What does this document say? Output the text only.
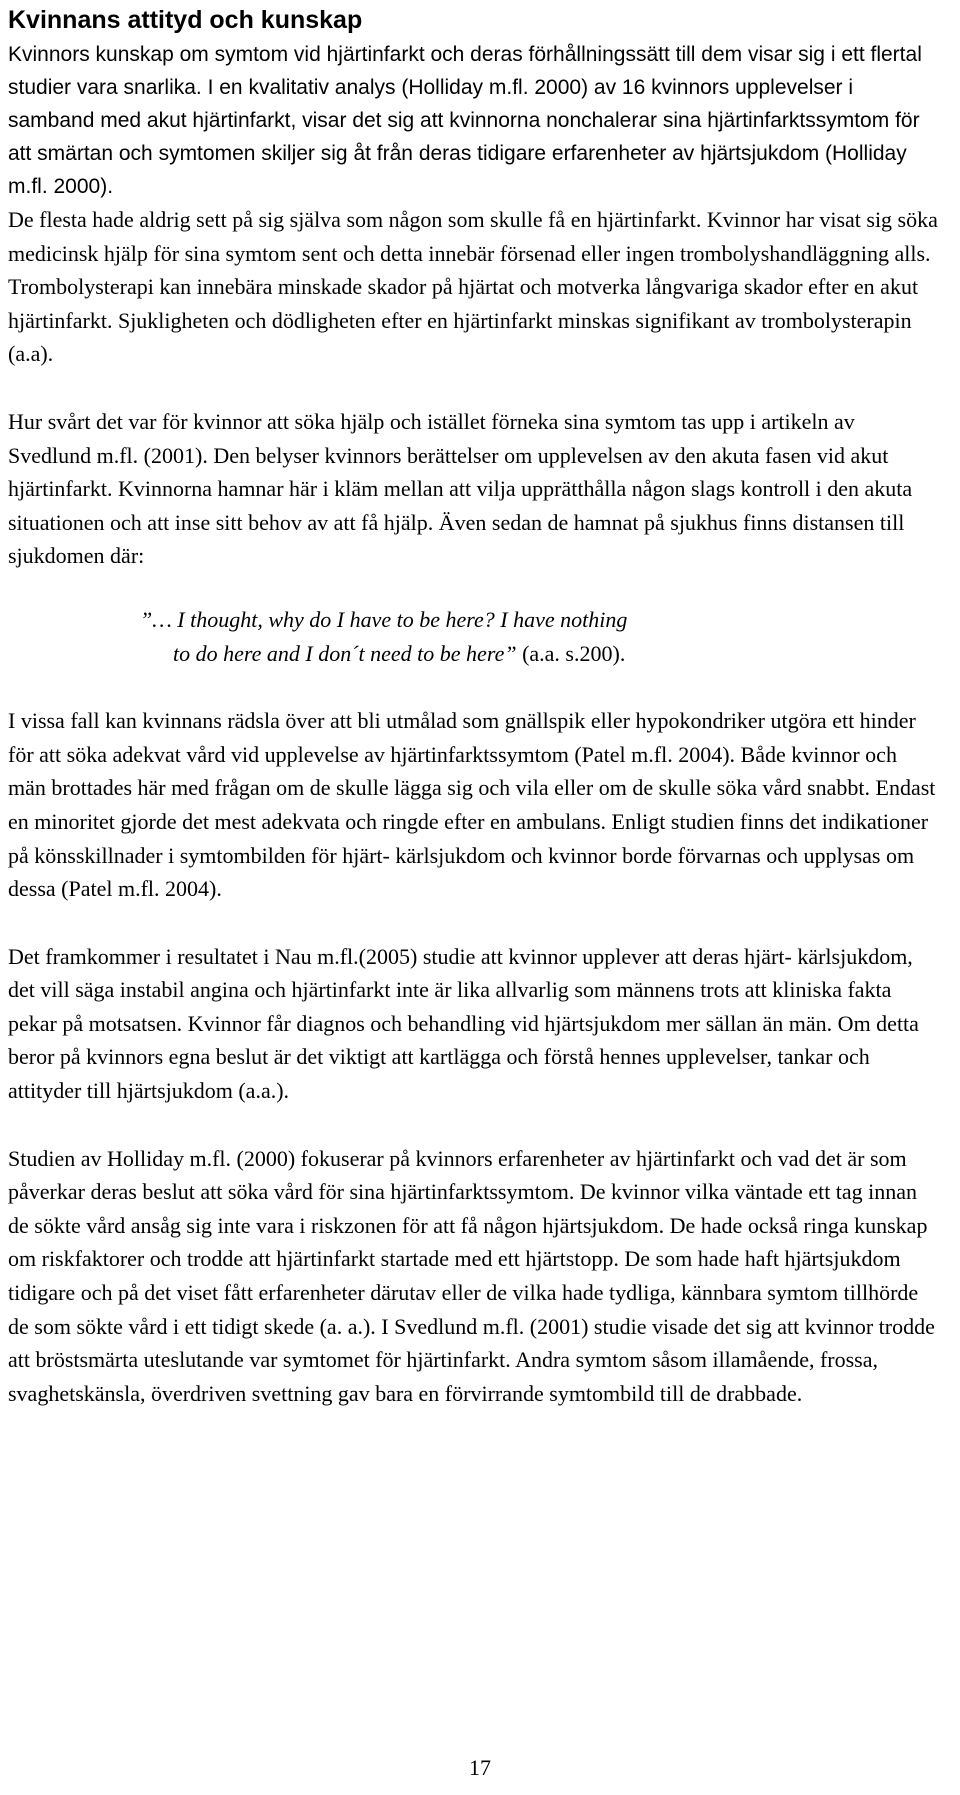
Kvinnans attityd och kunskap

Kvinnors kunskap om symtom vid hjärtinfarkt och deras förhållningssätt till dem visar sig i ett flertal studier vara snarlika. I en kvalitativ analys (Holliday m.fl. 2000) av 16 kvinnors upplevelser i samband med akut hjärtinfarkt, visar det sig att kvinnorna nonchalerar sina hjärtinfarktssymtom för att smärtan och symtomen skiljer sig åt från deras tidigare erfarenheter av hjärtsjukdom (Holliday m.fl. 2000).

De flesta hade aldrig sett på sig själva som någon som skulle få en hjärtinfarkt. Kvinnor har visat sig söka medicinsk hjälp för sina symtom sent och detta innebär försenad eller ingen trombolyshandläggning alls. Trombolysterapi kan innebära minskade skador på hjärtat och motverka långvariga skador efter en akut hjärtinfarkt. Sjukligheten och dödligheten efter en hjärtinfarkt minskas signifikant av trombolysterapin (a.a).

Hur svårt det var för kvinnor att söka hjälp och istället förneka sina symtom tas upp i artikeln av Svedlund m.fl. (2001). Den belyser kvinnors berättelser om upplevelsen av den akuta fasen vid akut hjärtinfarkt. Kvinnorna hamnar här i kläm mellan att vilja upprätthålla någon slags kontroll i den akuta situationen och att inse sitt behov av att få hjälp. Även sedan de hamnat på sjukhus finns distansen till sjukdomen där:

”… I thought, why do I have to be here? I have nothing
to do here and I don´t need to be here” (a.a. s.200).

I vissa fall kan kvinnans rädsla över att bli utmålad som gnällspik eller hypokondriker utgöra ett hinder för att söka adekvat vård vid upplevelse av hjärtinfarktssymtom (Patel m.fl. 2004). Både kvinnor och män brottades här med frågan om de skulle lägga sig och vila eller om de skulle söka vård snabbt. Endast en minoritet gjorde det mest adekvata och ringde efter en ambulans. Enligt studien finns det indikationer på könsskillnader i symtombilden för hjärt- kärlsjukdom och kvinnor borde förvarnas och upplysas om dessa (Patel m.fl. 2004).

Det framkommer i resultatet i Nau m.fl.(2005) studie att kvinnor upplever att deras hjärt- kärlsjukdom, det vill säga instabil angina och hjärtinfarkt inte är lika allvarlig som männens trots att kliniska fakta pekar på motsatsen. Kvinnor får diagnos och behandling vid hjärtsjukdom mer sällan än män. Om detta beror på kvinnors egna beslut är det viktigt att kartlägga och förstå hennes upplevelser, tankar och attityder till hjärtsjukdom (a.a.).

Studien av Holliday m.fl. (2000) fokuserar på kvinnors erfarenheter av hjärtinfarkt och vad det är som påverkar deras beslut att söka vård för sina hjärtinfarktssymtom. De kvinnor vilka väntade ett tag innan de sökte vård ansåg sig inte vara i riskzonen för att få någon hjärtsjukdom. De hade också ringa kunskap om riskfaktorer och trodde att hjärtinfarkt startade med ett hjärtstopp. De som hade haft hjärtsjukdom tidigare och på det viset fått erfarenheter därutav eller de vilka hade tydliga, kännbara symtom tillhörde de som sökte vård i ett tidigt skede (a. a.). I Svedlund m.fl. (2001) studie visade det sig att kvinnor trodde att bröstsmärta uteslutande var symtomet för hjärtinfarkt. Andra symtom såsom illamående, frossa, svaghetskänsla, överdriven svettning gav bara en förvirrande symtombild till de drabbade.

17
